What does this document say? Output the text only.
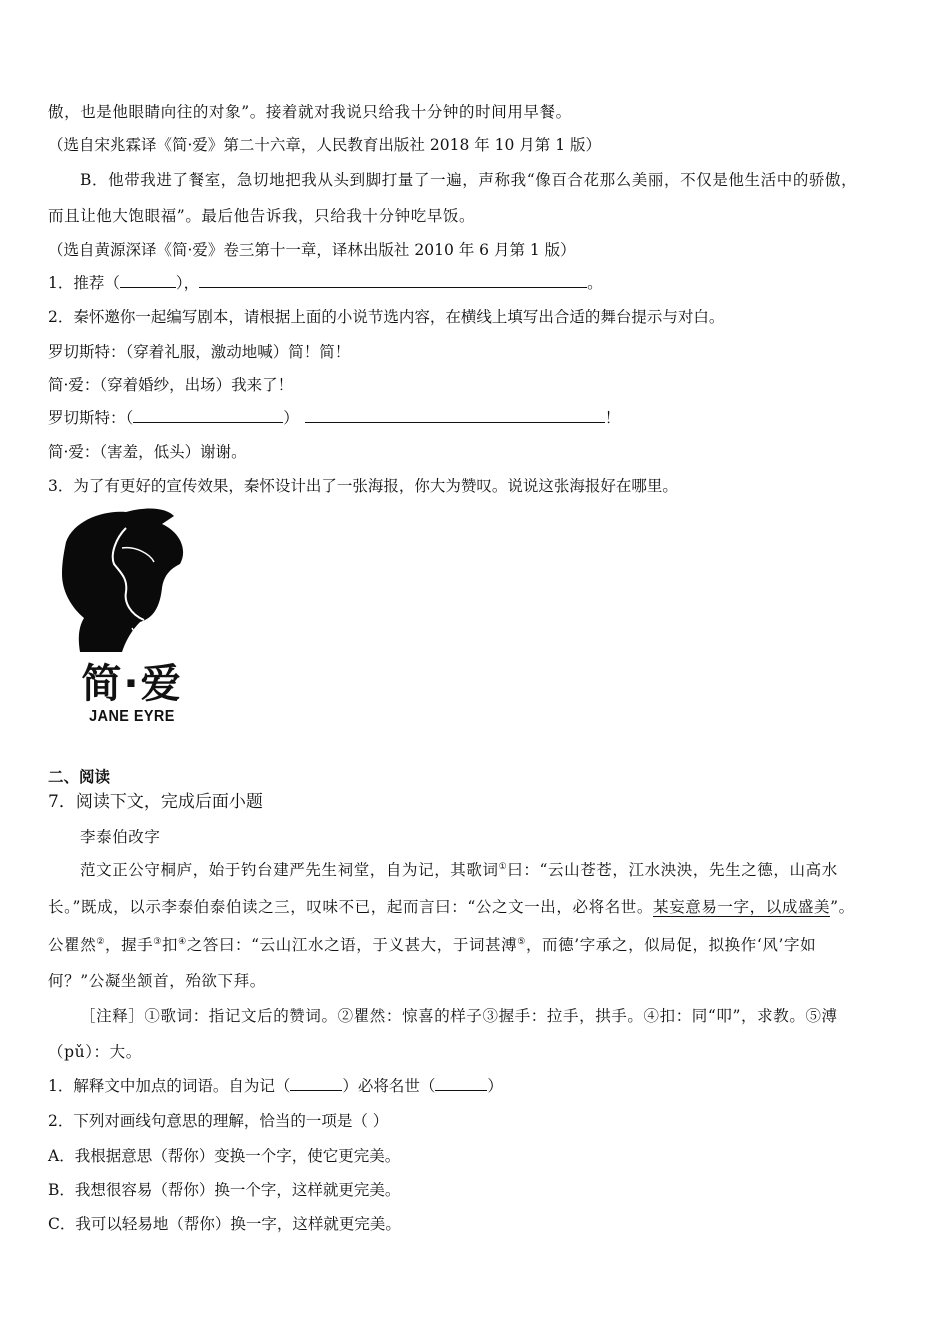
傲，也是他眼睛向往的对象”。接着就对我说只给我十分钟的时间用早餐。
（选自宋兆霖译《简·爱》第二十六章，人民教育出版社 2018 年 10 月第 1 版）
B．他带我进了餐室，急切地把我从头到脚打量了一遍，声称我“像百合花那么美丽，不仅是他生活中的骄傲，
而且让他大饱眼福”。最后他告诉我，只给我十分钟吃早饭。
（选自黄源深译《简·爱》卷三第十一章，译林出版社 2010 年 6 月第 1 版）
1．推荐（	），	。
2．秦怀邀你一起编写剧本，请根据上面的小说节选内容，在横线上填写出合适的舞台提示与对白。
罗切斯特：（穿着礼服，激动地喊）简！简！
简·爱：（穿着婚纱，出场）我来了！
罗切斯特：（	）	！
简·爱：（害羞，低头）谢谢。
3．为了有更好的宣传效果，秦怀设计出了一张海报，你大为赞叹。说说这张海报好在哪里。
简·爱
JANE EYRE
二、阅读
7．阅读下文，完成后面小题
李泰伯改字
范文正公守桐庐，始于钓台建严先生祠堂，自为记，其歌词①曰：“云山苍苍，江水泱泱，先生之德，山高水
长。”既成，以示李泰伯泰伯读之三，叹味不已，起而言曰：“公之文一出，必将名世。某妄意易一字，以成盛美”。
公瞿然②，握手③扣④之答曰：“云山江水之语，于义甚大，于词甚溥⑤，而德’字承之，似局促，拟换作‘风’字如
何？”公凝坐颔首，殆欲下拜。
［注释］①歌词：指记文后的赞词。②瞿然：惊喜的样子③握手：拉手，拱手。④扣：同“叩”，求教。⑤溥
（pǔ）：大。
1．解释文中加点的词语。自为记（	）必将名世（	）
2．下列对画线句意思的理解，恰当的一项是（ ）
A．我根据意思（帮你）变换一个字，使它更完美。
B．我想很容易（帮你）换一个字，这样就更完美。
C．我可以轻易地（帮你）换一字，这样就更完美。
